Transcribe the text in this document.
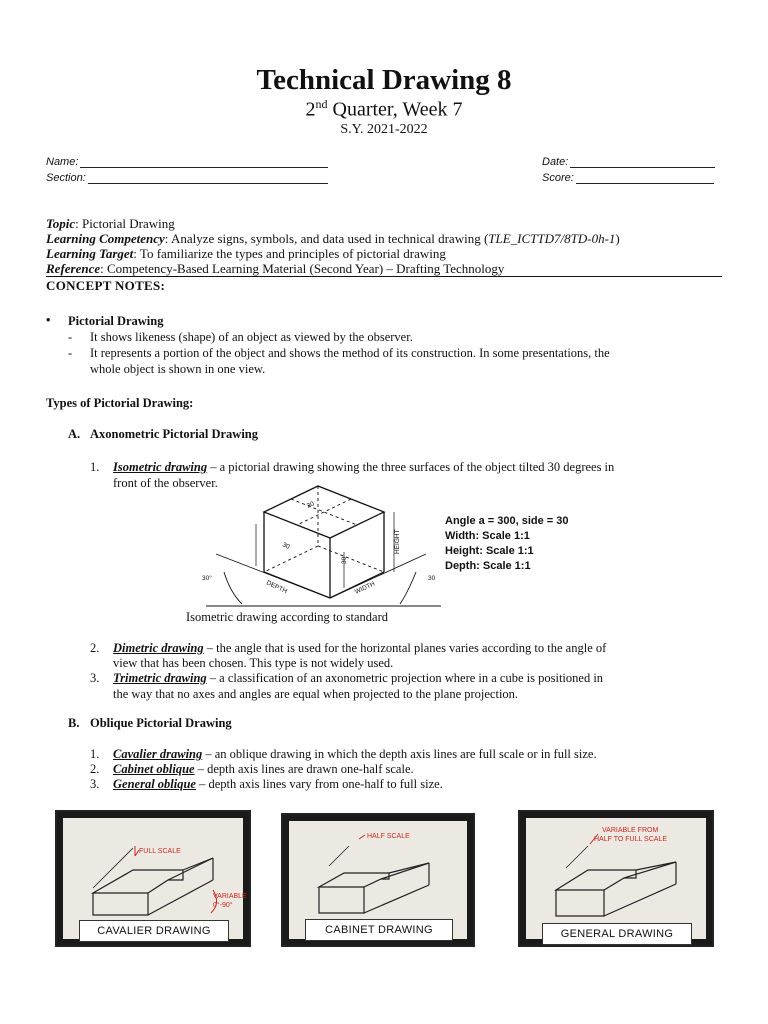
Technical Drawing 8
2nd Quarter, Week 7
S.Y. 2021-2022
Name:
Section:
Date:
Score:
Topic: Pictorial Drawing
Learning Competency: Analyze signs, symbols, and data used in technical drawing (TLE_ICTTD7/8TD-0h-1)
Learning Target: To familiarize the types and principles of pictorial drawing
Reference: Competency-Based Learning Material (Second Year) – Drafting Technology
CONCEPT NOTES:
• Pictorial Drawing
- It shows likeness (shape) of an object as viewed by the observer.
- It represents a portion of the object and shows the method of its construction. In some presentations, the
whole object is shown in one view.
Types of Pictorial Drawing:
A. Axonometric Pictorial Drawing
1. Isometric drawing – a pictorial drawing showing the three surfaces of the object tilted 30 degrees in
front of the observer.
30
30
30
HEIGHT
DEPTH	WIDTH
30°	30
Isometric drawing according to standard
Angle a = 300, side = 30
Width: Scale 1:1
Height: Scale 1:1
Depth: Scale 1:1
2. Dimetric drawing – the angle that is used for the horizontal planes varies according to the angle of
view that has been chosen. This type is not widely used.
3. Trimetric drawing – a classification of an axonometric projection where in a cube is positioned in
the way that no axes and angles are equal when projected to the plane projection.
B. Oblique Pictorial Drawing
1. Cavalier drawing – an oblique drawing in which the depth axis lines are full scale or in full size.
2. Cabinet oblique – depth axis lines are drawn one-half scale.
3. General oblique – depth axis lines vary from one-half to full size.
FULL SCALE
VARIABLE
0°-90°
CAVALIER DRAWING
HALF SCALE
CABINET DRAWING
VARIABLE FROM
HALF TO FULL SCALE
GENERAL DRAWING
